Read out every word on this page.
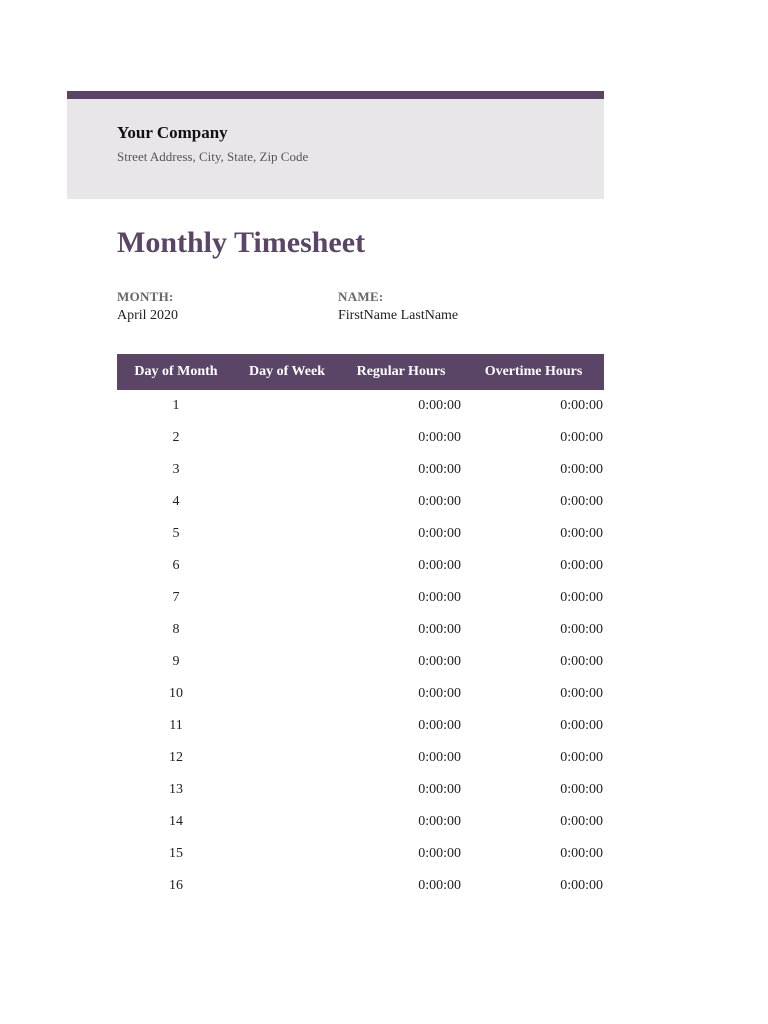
Your Company
Street Address, City, State, Zip Code
Monthly Timesheet
MONTH:
April 2020
NAME:
FirstName LastName
Day of Month	Day of Week	Regular Hours	Overtime Hours
1		0:00:00	0:00:00
2		0:00:00	0:00:00
3		0:00:00	0:00:00
4		0:00:00	0:00:00
5		0:00:00	0:00:00
6		0:00:00	0:00:00
7		0:00:00	0:00:00
8		0:00:00	0:00:00
9		0:00:00	0:00:00
10		0:00:00	0:00:00
11		0:00:00	0:00:00
12		0:00:00	0:00:00
13		0:00:00	0:00:00
14		0:00:00	0:00:00
15		0:00:00	0:00:00
16		0:00:00	0:00:00
